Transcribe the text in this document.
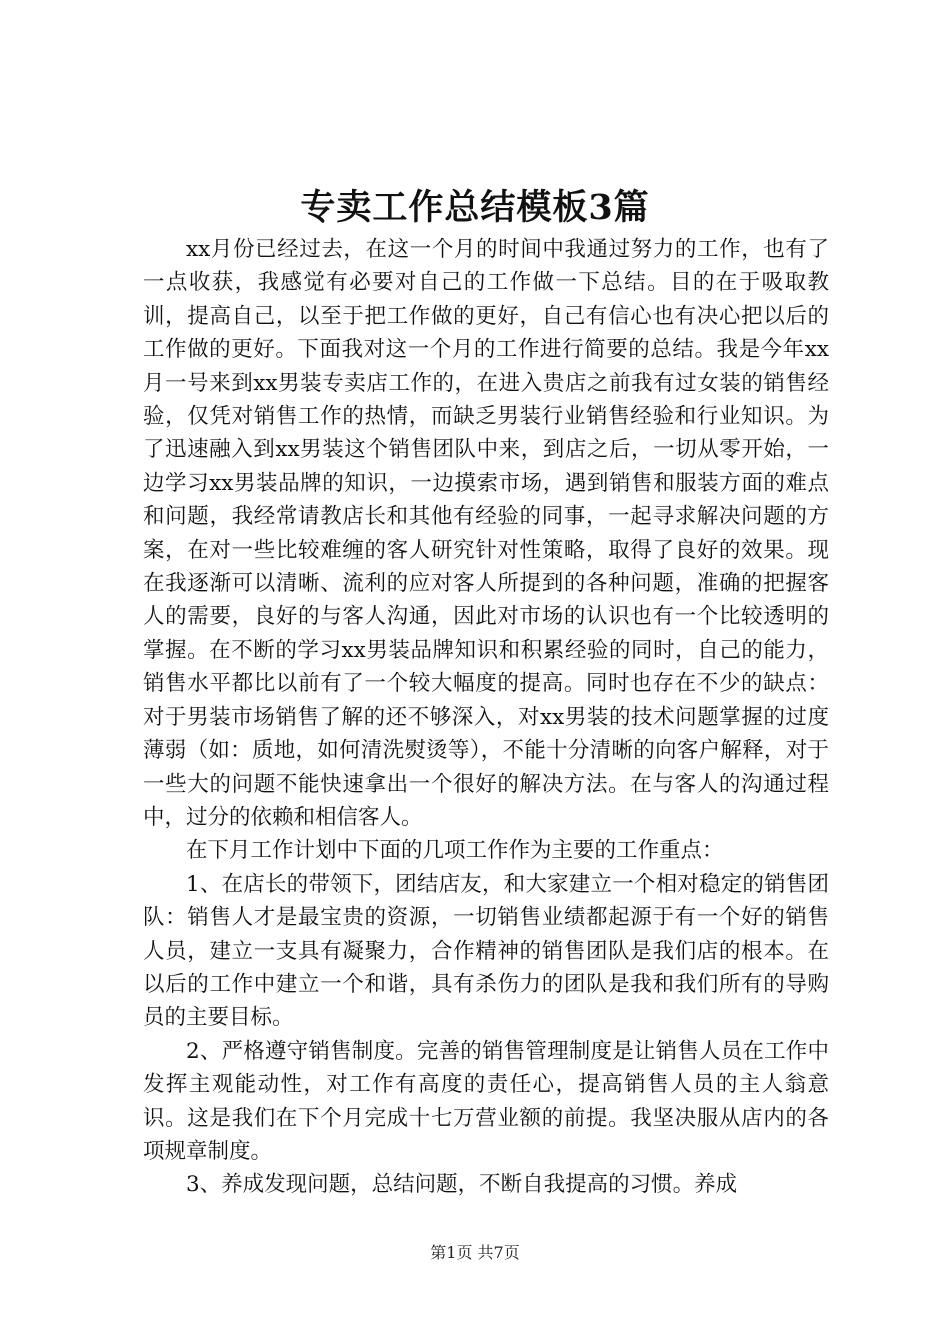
专卖工作总结模板3篇

xx月份已经过去，在这一个月的时间中我通过努力的工作，也有了一点收获，我感觉有必要对自己的工作做一下总结。目的在于吸取教训，提高自己，以至于把工作做的更好，自己有信心也有决心把以后的工作做的更好。下面我对这一个月的工作进行简要的总结。我是今年xx月一号来到xx男装专卖店工作的，在进入贵店之前我有过女装的销售经验，仅凭对销售工作的热情，而缺乏男装行业销售经验和行业知识。为了迅速融入到xx男装这个销售团队中来，到店之后，一切从零开始，一边学习xx男装品牌的知识，一边摸索市场，遇到销售和服装方面的难点和问题，我经常请教店长和其他有经验的同事，一起寻求解决问题的方案，在对一些比较难缠的客人研究针对性策略，取得了良好的效果。现在我逐渐可以清晰、流利的应对客人所提到的各种问题，准确的把握客人的需要，良好的与客人沟通，因此对市场的认识也有一个比较透明的掌握。在不断的学习xx男装品牌知识和积累经验的同时，自己的能力，销售水平都比以前有了一个较大幅度的提高。同时也存在不少的缺点：对于男装市场销售了解的还不够深入，对xx男装的技术问题掌握的过度薄弱（如：质地，如何清洗熨烫等），不能十分清晰的向客户解释，对于一些大的问题不能快速拿出一个很好的解决方法。在与客人的沟通过程中，过分的依赖和相信客人。

在下月工作计划中下面的几项工作作为主要的工作重点：

1、在店长的带领下，团结店友，和大家建立一个相对稳定的销售团队：销售人才是最宝贵的资源，一切销售业绩都起源于有一个好的销售人员，建立一支具有凝聚力，合作精神的销售团队是我们店的根本。在以后的工作中建立一个和谐，具有杀伤力的团队是我和我们所有的导购员的主要目标。

2、严格遵守销售制度。完善的销售管理制度是让销售人员在工作中发挥主观能动性，对工作有高度的责任心，提高销售人员的主人翁意识。这是我们在下个月完成十七万营业额的前提。我坚决服从店内的各项规章制度。

3、养成发现问题，总结问题，不断自我提高的习惯。养成

第1页 共7页
